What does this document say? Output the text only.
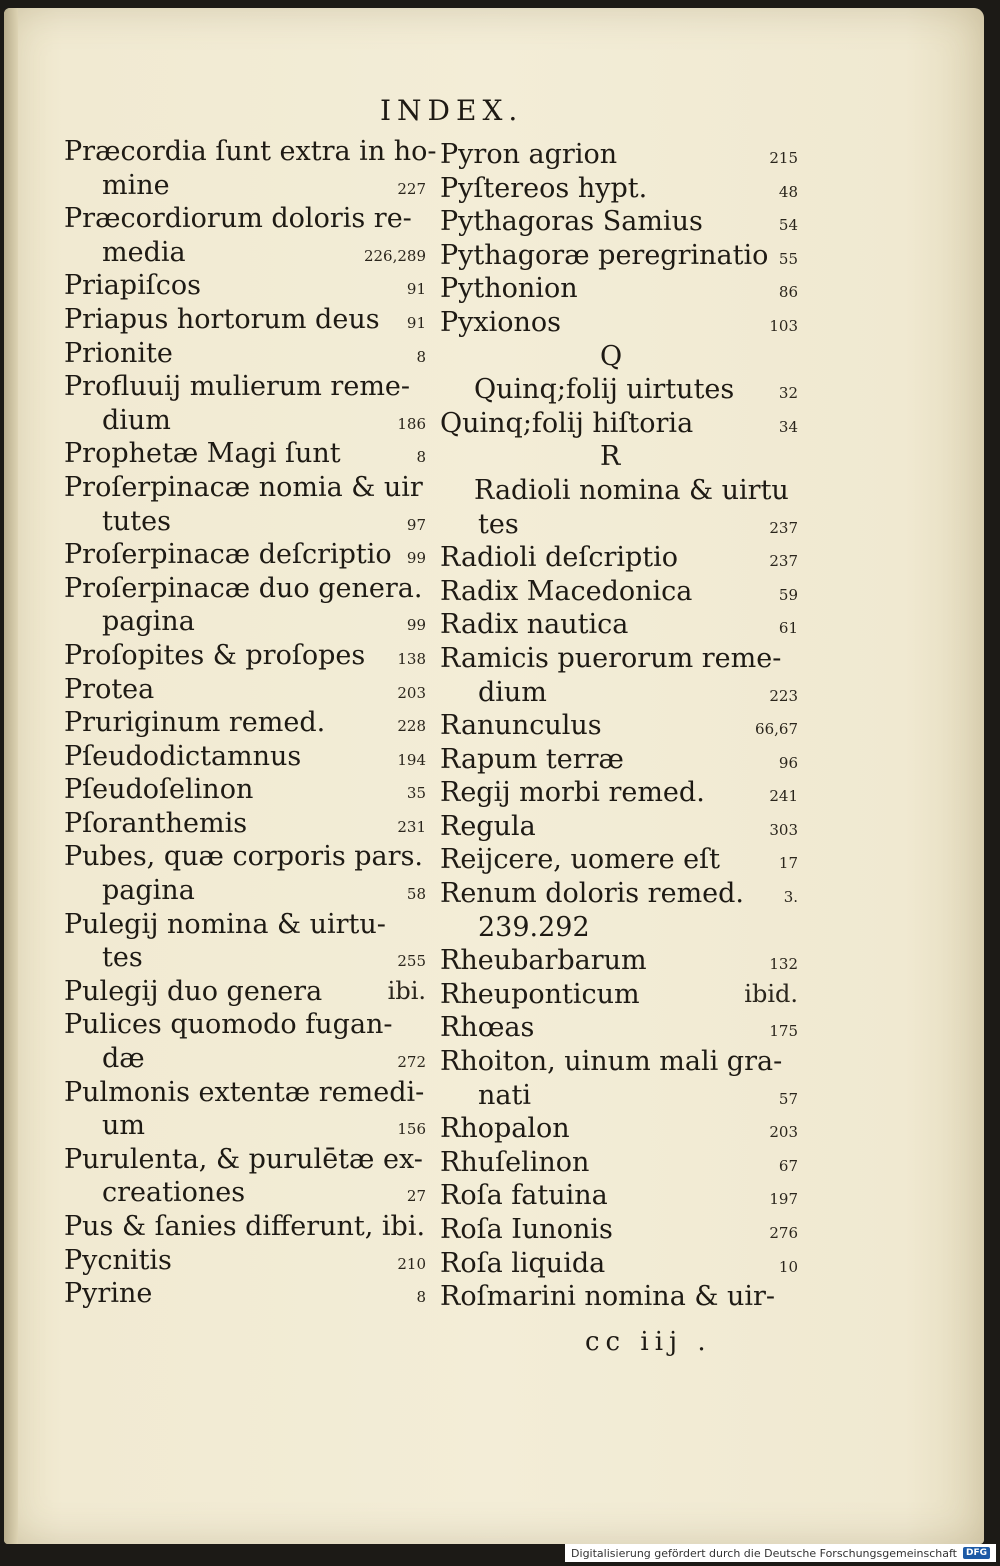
INDEX.
Præcordia ſunt extra in ho-
mine	227
Præcordiorum doloris re-
media	226,289
Priapiſcos	91
Priapus hortorum deus 91
Prionite	8
Profluuij mulierum reme-
dium	186
Prophetæ Magi ſunt	8
Proſerpinacæ nomia & uir
tutes	97
Proſerpinacæ deſcriptio 99
Proſerpinacæ duo genera.
pagina	99
Proſopites & proſopes 138
Protea	203
Pruriginum remed.	228
Pſeudodictamnus	194
Pſeudoſelinon	35
Pſoranthemis	231
Pubes, quæ corporis pars.
pagina	58
Pulegij nomina & uirtu-
tes	255
Pulegij duo genera	ibi.
Pulices quomodo fugan-
dæ	272
Pulmonis extentæ remedi-
um	156
Purulenta, & purulētæ ex-
creationes	27
Pus & ſanies differunt, ibi.
Pycnitis	210
Pyrine	8
Pyron agrion	215
Pyſtereos hypt.	48
Pythagoras Samius	54
Pythagoræ peregrinatio 55
Pythonion	86
Pyxionos	103
Q
Quinq;folij uirtutes	32
Quinq;folij hiſtoria	34
R
Radioli nomina & uirtu
tes	237
Radioli deſcriptio	237
Radix Macedonica	59
Radix nautica	61
Ramicis puerorum reme-
dium	223
Ranunculus	66,67
Rapum terræ	96
Regij morbi remed.	241
Regula	303
Reijcere, uomere eſt	17
Renum doloris remed.	3.
239.292
Rheubarbarum	132
Rheuponticum	ibid.
Rhœas	175
Rhoiton, uinum mali gra-
nati	57
Rhopalon	203
Rhuſelinon	67
Roſa fatuina	197
Roſa Iunonis	276
Roſa liquida	10
Roſmarini nomina & uir-
cc iij .
Digitalisierung gefördert durch die Deutsche Forschungsgemeinschaft	DFG
